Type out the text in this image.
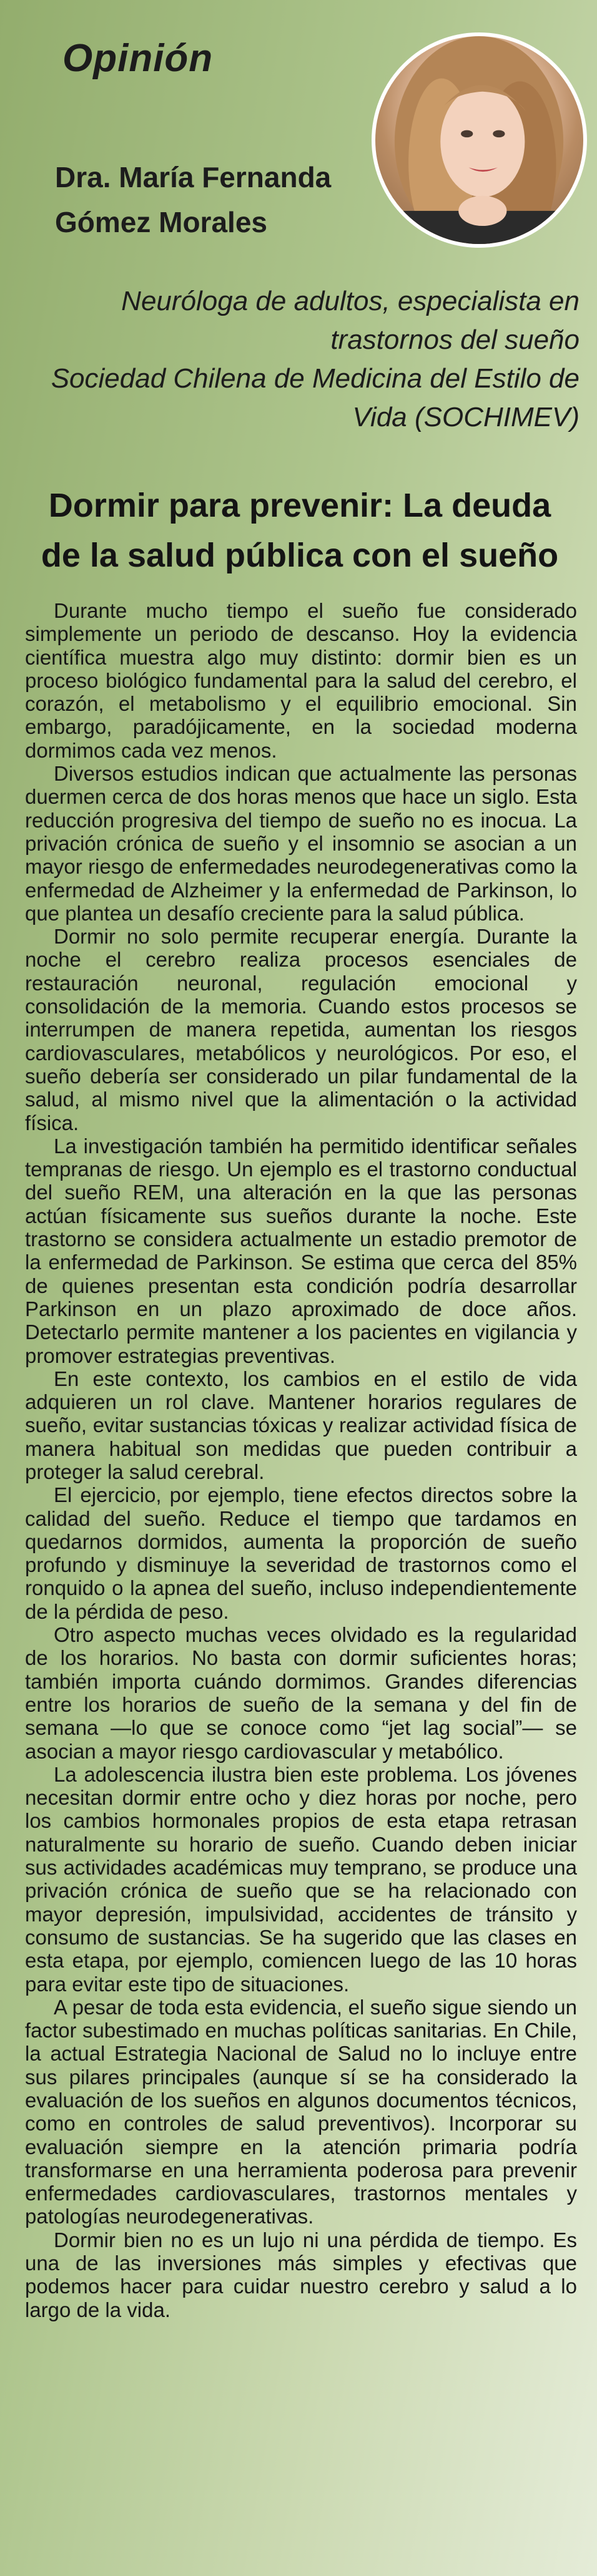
Opinión
Dra. María Fernanda
Gómez Morales
Neuróloga de adultos, especialista en
trastornos del sueño
Sociedad Chilena de Medicina del Estilo de
Vida (SOCHIMEV)
Dormir para prevenir: La deuda
de la salud pública con el sueño

Durante mucho tiempo el sueño fue considerado simplemente un periodo de descanso. Hoy la evidencia científica muestra algo muy distinto: dormir bien es un proceso biológico fundamental para la salud del cerebro, el corazón, el metabolismo y el equilibrio emocional. Sin embargo, paradójicamente, en la sociedad moderna dormimos cada vez menos.

Diversos estudios indican que actualmente las personas duermen cerca de dos horas menos que hace un siglo. Esta reducción progresiva del tiempo de sueño no es inocua. La privación crónica de sueño y el insomnio se asocian a un mayor riesgo de enfermedades neurodegenerativas como la enfermedad de Alzheimer y la enfermedad de Parkinson, lo que plantea un desafío creciente para la salud pública.

Dormir no solo permite recuperar energía. Durante la noche el cerebro realiza procesos esenciales de restauración neuronal, regulación emocional y consolidación de la memoria. Cuando estos procesos se interrumpen de manera repetida, aumentan los riesgos cardiovasculares, metabólicos y neurológicos. Por eso, el sueño debería ser considerado un pilar fundamental de la salud, al mismo nivel que la alimentación o la actividad física.

La investigación también ha permitido identificar señales tempranas de riesgo. Un ejemplo es el trastorno conductual del sueño REM, una alteración en la que las personas actúan físicamente sus sueños durante la noche. Este trastorno se considera actualmente un estadio premotor de la enfermedad de Parkinson. Se estima que cerca del 85% de quienes presentan esta condición podría desarrollar Parkinson en un plazo aproximado de doce años. Detectarlo permite mantener a los pacientes en vigilancia y promover estrategias preventivas.

En este contexto, los cambios en el estilo de vida adquieren un rol clave. Mantener horarios regulares de sueño, evitar sustancias tóxicas y realizar actividad física de manera habitual son medidas que pueden contribuir a proteger la salud cerebral.

El ejercicio, por ejemplo, tiene efectos directos sobre la calidad del sueño. Reduce el tiempo que tardamos en quedarnos dormidos, aumenta la proporción de sueño profundo y disminuye la severidad de trastornos como el ronquido o la apnea del sueño, incluso independientemente de la pérdida de peso.

Otro aspecto muchas veces olvidado es la regularidad de los horarios. No basta con dormir suficientes horas; también importa cuándo dormimos. Grandes diferencias entre los horarios de sueño de la semana y del fin de semana —lo que se conoce como “jet lag social”— se asocian a mayor riesgo cardiovascular y metabólico.

La adolescencia ilustra bien este problema. Los jóvenes necesitan dormir entre ocho y diez horas por noche, pero los cambios hormonales propios de esta etapa retrasan naturalmente su horario de sueño. Cuando deben iniciar sus actividades académicas muy temprano, se produce una privación crónica de sueño que se ha relacionado con mayor depresión, impulsividad, accidentes de tránsito y consumo de sustancias. Se ha sugerido que las clases en esta etapa, por ejemplo, comiencen luego de las 10 horas para evitar este tipo de situaciones.

A pesar de toda esta evidencia, el sueño sigue siendo un factor subestimado en muchas políticas sanitarias. En Chile, la actual Estrategia Nacional de Salud no lo incluye entre sus pilares principales (aunque sí se ha considerado la evaluación de los sueños en algunos documentos técnicos, como en controles de salud preventivos). Incorporar su evaluación siempre en la atención primaria podría transformarse en una herramienta poderosa para prevenir enfermedades cardiovasculares, trastornos mentales y patologías neurodegenerativas.

Dormir bien no es un lujo ni una pérdida de tiempo. Es una de las inversiones más simples y efectivas que podemos hacer para cuidar nuestro cerebro y salud a lo largo de la vida.
